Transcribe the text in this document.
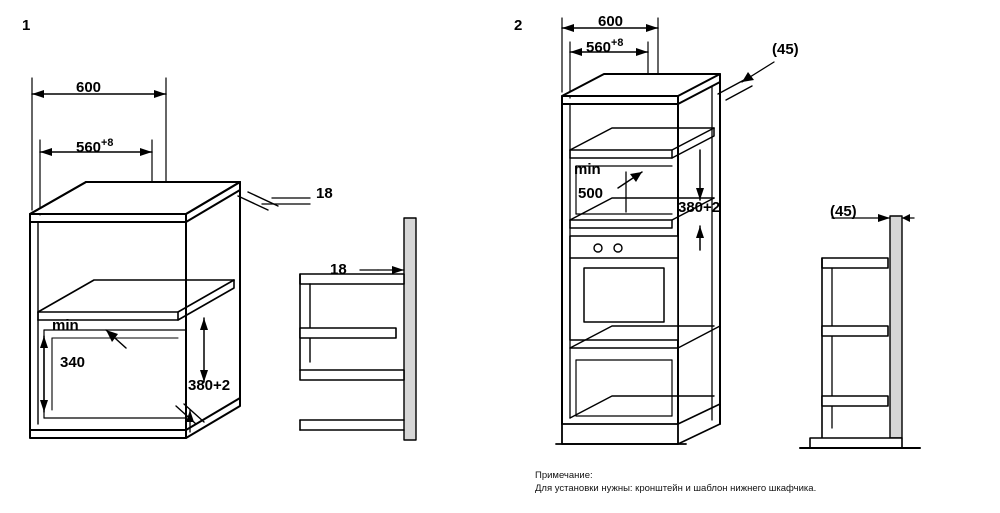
1
600
$560^{+8}$
18
18
min
340
380+2
2	600
$560^{+8}$	(45)
min
500
380+2	(45)
Примечание:
Для установки нужны: кронштейн и шаблон нижнего шкафчика.
